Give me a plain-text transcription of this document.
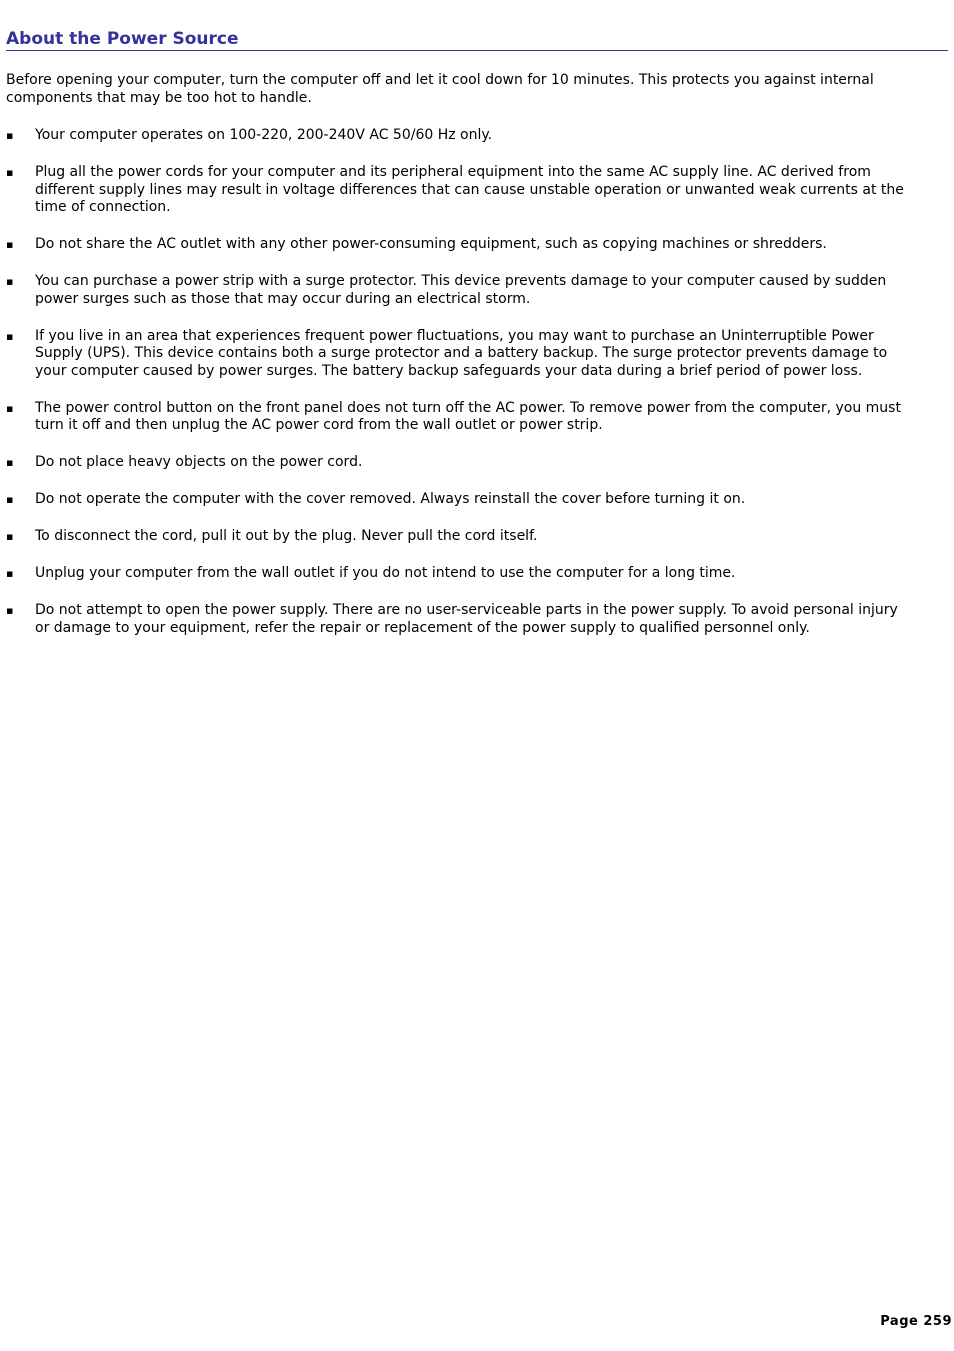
About the Power Source

Before opening your computer, turn the computer off and let it cool down for 10 minutes. This protects you against internal components that may be too hot to handle.

▪ Your computer operates on 100-220, 200-240V AC 50/60 Hz only.
▪ Plug all the power cords for your computer and its peripheral equipment into the same AC supply line. AC derived from different supply lines may result in voltage differences that can cause unstable operation or unwanted weak currents at the time of connection.
▪ Do not share the AC outlet with any other power-consuming equipment, such as copying machines or shredders.
▪ You can purchase a power strip with a surge protector. This device prevents damage to your computer caused by sudden power surges such as those that may occur during an electrical storm.
▪ If you live in an area that experiences frequent power fluctuations, you may want to purchase an Uninterruptible Power Supply (UPS). This device contains both a surge protector and a battery backup. The surge protector prevents damage to your computer caused by power surges. The battery backup safeguards your data during a brief period of power loss.
▪ The power control button on the front panel does not turn off the AC power. To remove power from the computer, you must turn it off and then unplug the AC power cord from the wall outlet or power strip.
▪ Do not place heavy objects on the power cord.
▪ Do not operate the computer with the cover removed. Always reinstall the cover before turning it on.
▪ To disconnect the cord, pull it out by the plug. Never pull the cord itself.
▪ Unplug your computer from the wall outlet if you do not intend to use the computer for a long time.
▪ Do not attempt to open the power supply. There are no user-serviceable parts in the power supply. To avoid personal injury or damage to your equipment, refer the repair or replacement of the power supply to qualified personnel only.
Page 259
